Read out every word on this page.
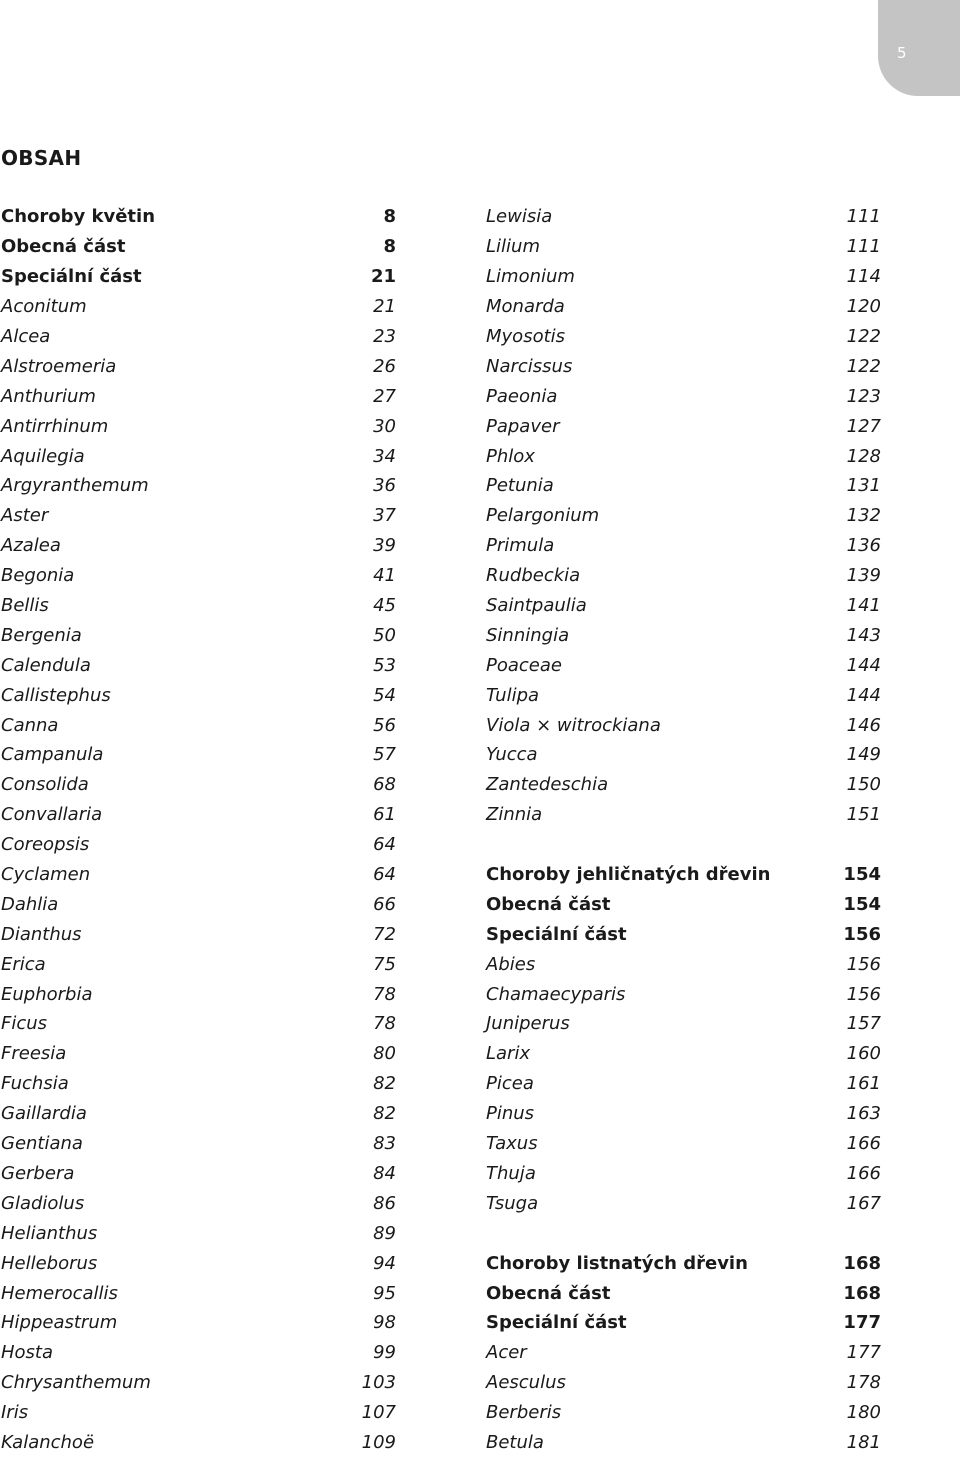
5
OBSAH
Choroby květin	8
Obecná část	8
Speciální část	21
Aconitum	21
Alcea	23
Alstroemeria	26
Anthurium	27
Antirrhinum	30
Aquilegia	34
Argyranthemum	36
Aster	37
Azalea	39
Begonia	41
Bellis	45
Bergenia	50
Calendula	53
Callistephus	54
Canna	56
Campanula	57
Consolida	68
Convallaria	61
Coreopsis	64
Cyclamen	64
Dahlia	66
Dianthus	72
Erica	75
Euphorbia	78
Ficus	78
Freesia	80
Fuchsia	82
Gaillardia	82
Gentiana	83
Gerbera	84
Gladiolus	86
Helianthus	89
Helleborus	94
Hemerocallis	95
Hippeastrum	98
Hosta	99
Chrysanthemum	103
Iris	107
Kalanchoë	109
Lewisia	111
Lilium	111
Limonium	114
Monarda	120
Myosotis	122
Narcissus	122
Paeonia	123
Papaver	127
Phlox	128
Petunia	131
Pelargonium	132
Primula	136
Rudbeckia	139
Saintpaulia	141
Sinningia	143
Poaceae	144
Tulipa	144
Viola × witrockiana	146
Yucca	149
Zantedeschia	150
Zinnia	151
Choroby jehličnatých dřevin	154
Obecná část	154
Speciální část	156
Abies	156
Chamaecyparis	156
Juniperus	157
Larix	160
Picea	161
Pinus	163
Taxus	166
Thuja	166
Tsuga	167
Choroby listnatých dřevin	168
Obecná část	168
Speciální část	177
Acer	177
Aesculus	178
Berberis	180
Betula	181
